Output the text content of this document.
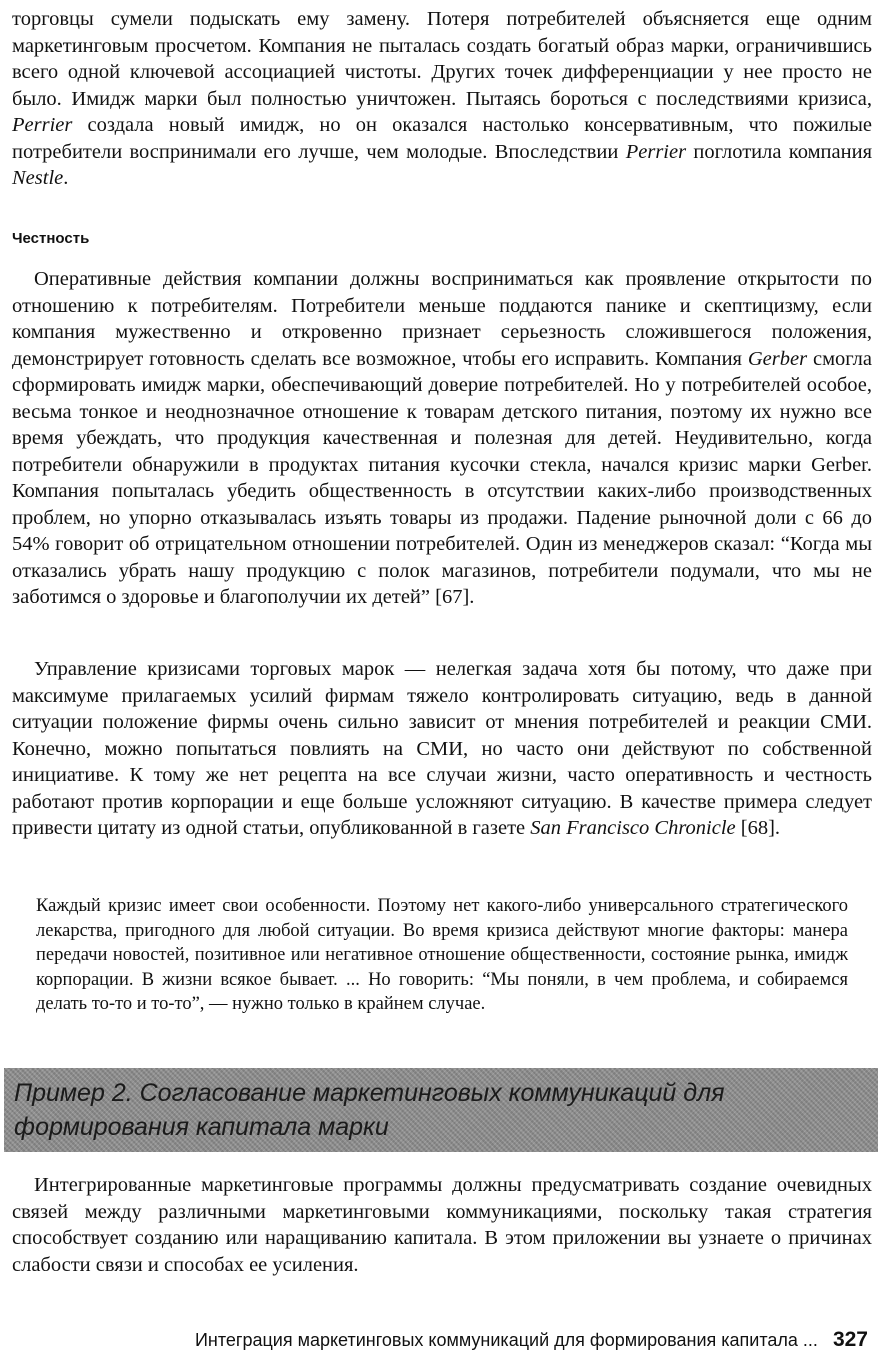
торговцы сумели подыскать ему замену. Потеря потребителей объясняется еще одним маркетинговым просчетом. Компания не пыталась создать богатый образ марки, ограничившись всего одной ключевой ассоциацией чистоты. Других точек дифференциации у нее просто не было. Имидж марки был полностью уничтожен. Пытаясь бороться с последствиями кризиса, Perrier создала новый имидж, но он оказался настолько консервативным, что пожилые потребители воспринимали его лучше, чем молодые. Впоследствии Perrier поглотила компания Nestle.

Честность

Оперативные действия компании должны восприниматься как проявление открытости по отношению к потребителям. Потребители меньше поддаются панике и скептицизму, если компания мужественно и откровенно признает серьезность сложившегося положения, демонстрирует готовность сделать все возможное, чтобы его исправить. Компания Gerber смогла сформировать имидж марки, обеспечивающий доверие потребителей. Но у потребителей особое, весьма тонкое и неоднозначное отношение к товарам детского питания, поэтому их нужно все время убеждать, что продукция качественная и полезная для детей. Неудивительно, когда потребители обнаружили в продуктах питания кусочки стекла, начался кризис марки Gerber. Компания попыталась убедить общественность в отсутствии каких-либо производственных проблем, но упорно отказывалась изъять товары из продажи. Падение рыночной доли с 66 до 54% говорит об отрицательном отношении потребителей. Один из менеджеров сказал: “Когда мы отказались убрать нашу продукцию с полок магазинов, потребители подумали, что мы не заботимся о здоровье и благополучии их детей” [67].

Управление кризисами торговых марок — нелегкая задача хотя бы потому, что даже при максимуме прилагаемых усилий фирмам тяжело контролировать ситуацию, ведь в данной ситуации положение фирмы очень сильно зависит от мнения потребителей и реакции СМИ. Конечно, можно попытаться повлиять на СМИ, но часто они действуют по собственной инициативе. К тому же нет рецепта на все случаи жизни, часто оперативность и честность работают против корпорации и еще больше усложняют ситуацию. В качестве примера следует привести цитату из одной статьи, опубликованной в газете San Francisco Chronicle [68].

Каждый кризис имеет свои особенности. Поэтому нет какого-либо универсального стратегического лекарства, пригодного для любой ситуации. Во время кризиса действуют многие факторы: манера передачи новостей, позитивное или негативное отношение общественности, состояние рынка, имидж корпорации. В жизни всякое бывает. ... Но говорить: “Мы поняли, в чем проблема, и собираемся делать то-то и то-то”, — нужно только в крайнем случае.

Пример 2. Согласование маркетинговых коммуникаций для формирования капитала марки

Интегрированные маркетинговые программы должны предусматривать создание очевидных связей между различными маркетинговыми коммуникациями, поскольку такая стратегия способствует созданию или наращиванию капитала. В этом приложении вы узнаете о причинах слабости связи и способах ее усиления.

Интеграция маркетинговых коммуникаций для формирования капитала ... 327
